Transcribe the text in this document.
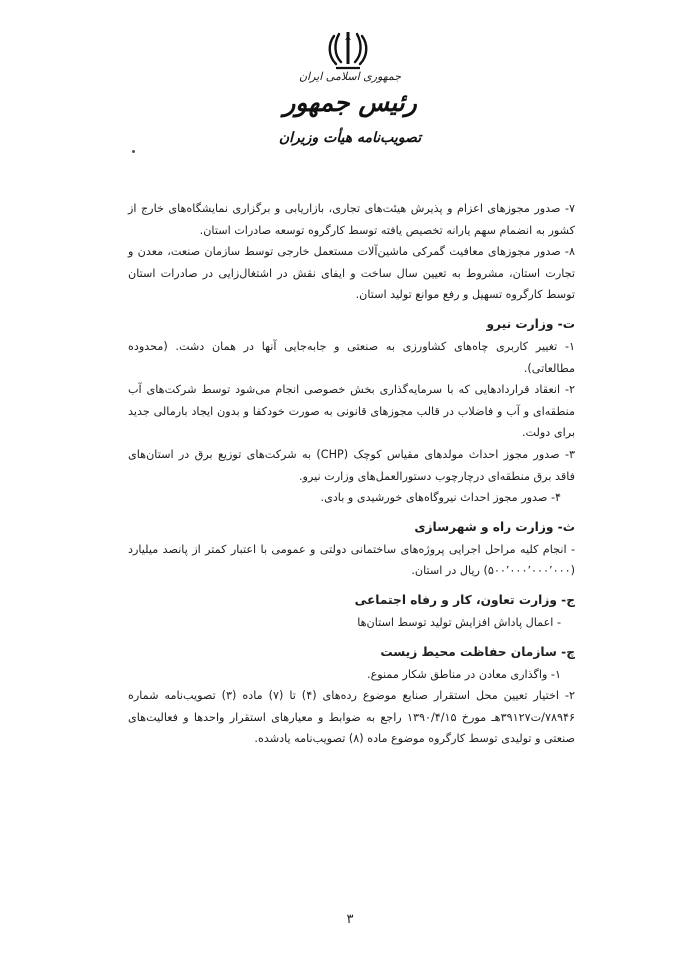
جمهوری اسلامی ایران
رئیس جمهور
تصویب‌نامه هیأت وزیران

۷- صدور مجوزهای اعزام و پذیرش هیئت‌های تجاری، بازاریابی و برگزاری نمایشگاه‌های خارج از کشور به انضمام سهم یارانه تخصیص یافته توسط کارگروه توسعه صادرات استان.

۸- صدور مجوزهای معافیت گمرکی ماشین‌آلات مستعمل خارجی توسط سازمان صنعت، معدن و تجارت استان، مشروط به تعیین سال ساخت و ایفای نقش در اشتغال‌زایی در صادرات استان توسط کارگروه تسهیل و رفع موانع تولید استان.

ت- وزارت نیرو

۱- تغییر کاربری چاه‌های کشاورزی به صنعتی و جابه‌جایی آنها در همان دشت. (محدوده مطالعاتی).

۲- انعقاد قراردادهایی که با سرمایه‌گذاری بخش خصوصی انجام می‌شود توسط شرکت‌های آب منطقه‌ای و آب و فاضلاب در قالب مجوزهای قانونی به صورت خودکفا و بدون ایجاد بارمالی جدید برای دولت.

۳- صدور مجوز احداث مولدهای مقیاس کوچک (CHP) به شرکت‌های توزیع برق در استان‌های فاقد برق منطقه‌ای درچارچوب دستورالعمل‌های وزارت نیرو.

۴- صدور مجوز احداث نیروگاه‌های خورشیدی و بادی.

ث- وزارت راه و شهرسازی

- انجام کلیه مراحل اجرایی پروژه‌های ساختمانی دولتی و عمومی با اعتبار کمتر از پانصد میلیارد (۵۰۰٬۰۰۰٬۰۰۰٬۰۰۰) ریال در استان.

ج- وزارت تعاون، کار و رفاه اجتماعی

- اعمال پاداش افزایش تولید توسط استان‌ها

چ- سازمان حفاظت محیط زیست

۱- واگذاری معادن در مناطق شکار ممنوع.

۲- اختیار تعیین محل استقرار صنایع موضوع رده‌های (۴) تا (۷) ماده (۳) تصویب‌نامه شماره ۷۸۹۴۶/ت۳۹۱۲۷هـ مورخ ۱۳۹۰/۴/۱۵ راجع به ضوابط و معیارهای استقرار واحدها و فعالیت‌های صنعتی و تولیدی توسط کارگروه موضوع ماده (۸) تصویب‌نامه یادشده.

۳
